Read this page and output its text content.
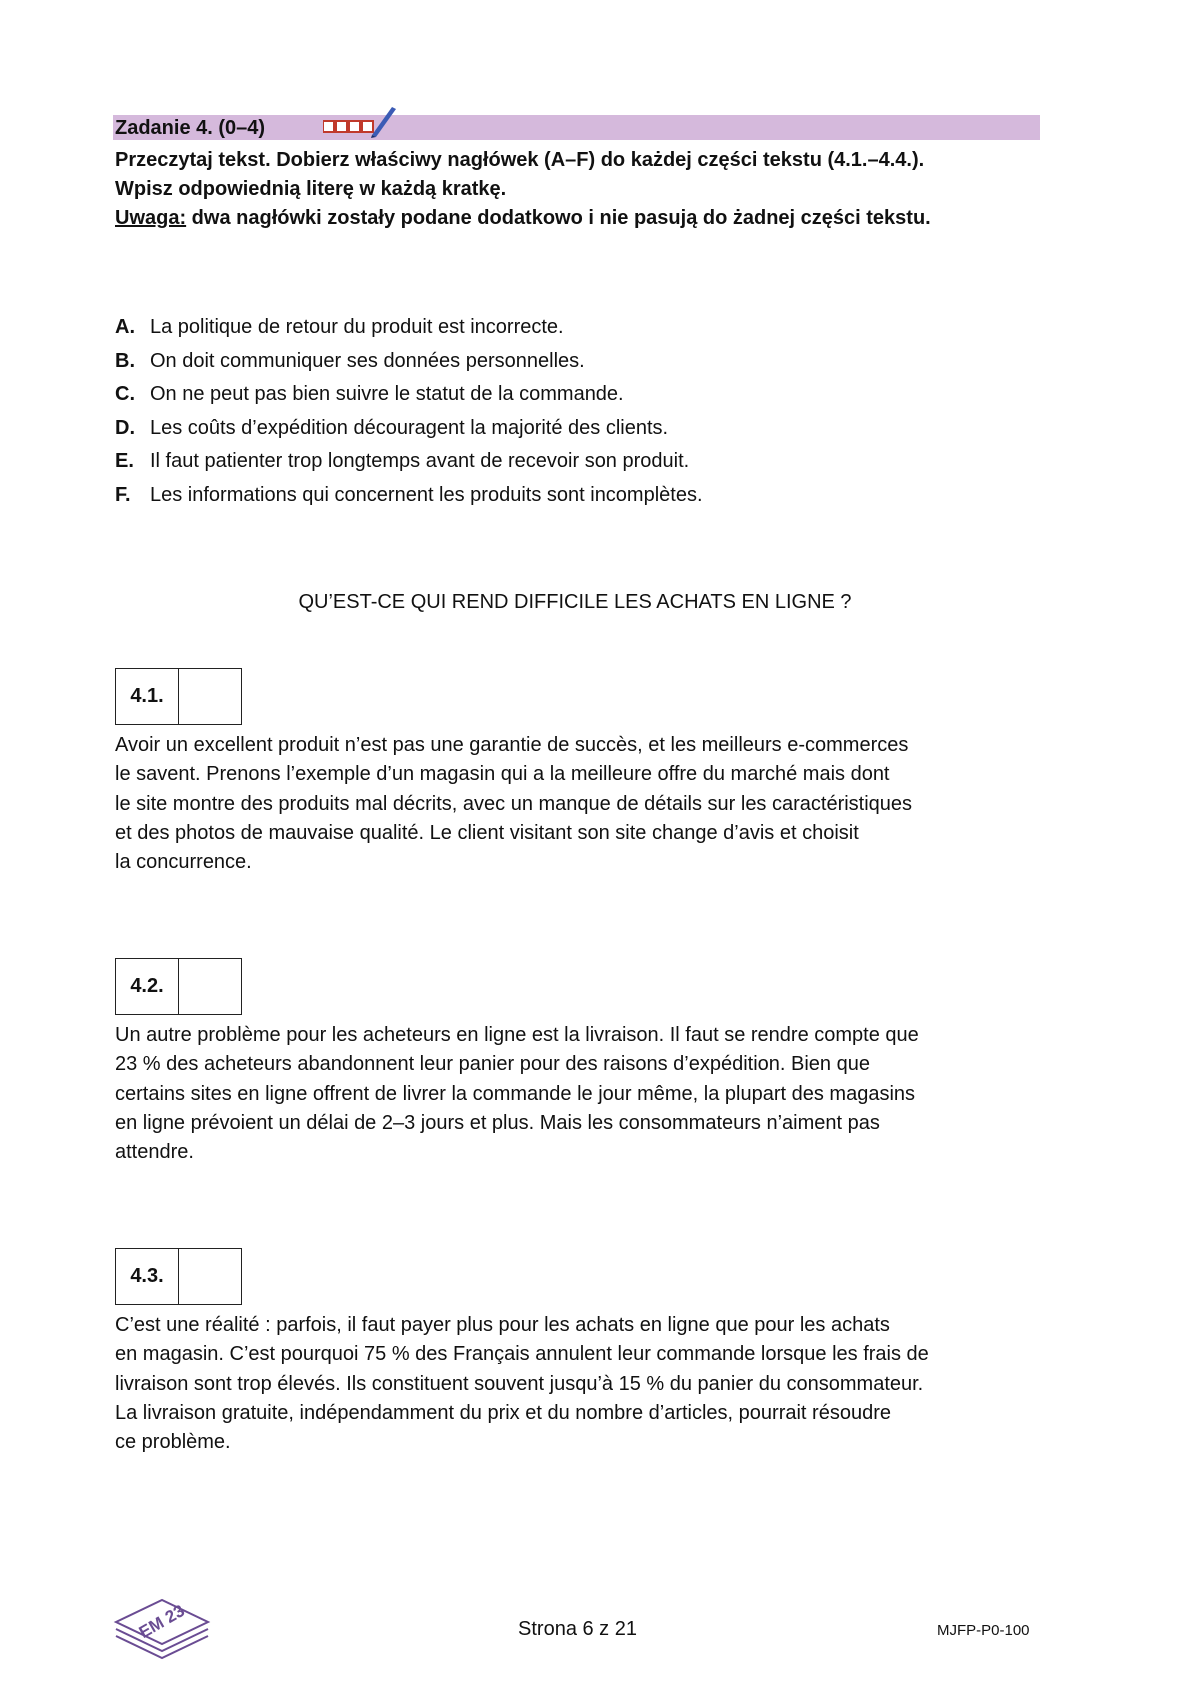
Zadanie 4. (0–4)
Przeczytaj tekst. Dobierz właściwy nagłówek (A–F) do każdej części tekstu (4.1.–4.4.).
Wpisz odpowiednią literę w każdą kratkę.
Uwaga: dwa nagłówki zostały podane dodatkowo i nie pasują do żadnej części tekstu.
A. La politique de retour du produit est incorrecte.
B. On doit communiquer ses données personnelles.
C. On ne peut pas bien suivre le statut de la commande.
D. Les coûts d’expédition découragent la majorité des clients.
E. Il faut patienter trop longtemps avant de recevoir son produit.
F. Les informations qui concernent les produits sont incomplètes.
QU’EST-CE QUI REND DIFFICILE LES ACHATS EN LIGNE ?
4.1.
Avoir un excellent produit n’est pas une garantie de succès, et les meilleurs e-commerces
le savent. Prenons l’exemple d’un magasin qui a la meilleure offre du marché mais dont
le site montre des produits mal décrits, avec un manque de détails sur les caractéristiques
et des photos de mauvaise qualité. Le client visitant son site change d’avis et choisit
la concurrence.
4.2.
Un autre problème pour les acheteurs en ligne est la livraison. Il faut se rendre compte que
23 % des acheteurs abandonnent leur panier pour des raisons d’expédition. Bien que
certains sites en ligne offrent de livrer la commande le jour même, la plupart des magasins
en ligne prévoient un délai de 2–3 jours et plus. Mais les consommateurs n’aiment pas
attendre.
4.3.
C’est une réalité : parfois, il faut payer plus pour les achats en ligne que pour les achats
en magasin. C’est pourquoi 75 % des Français annulent leur commande lorsque les frais de
livraison sont trop élevés. Ils constituent souvent jusqu’à 15 % du panier du consommateur.
La livraison gratuite, indépendamment du prix et du nombre d’articles, pourrait résoudre
ce problème.
EM 23	Strona 6 z 21	MJFP-P0-100
